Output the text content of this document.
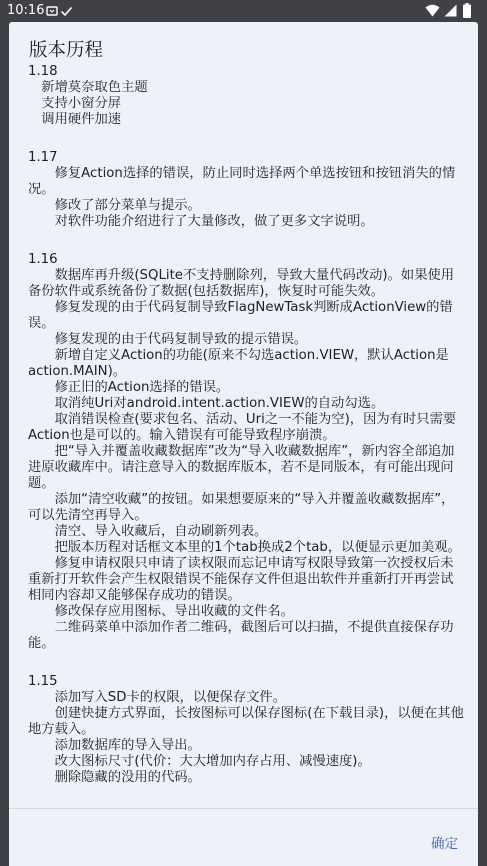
10:16
版本历程
1.18
新增莫奈取色主题
支持小窗分屏
调用硬件加速
1.17
修复Action选择的错误，防止同时选择两个单选按钮和按钮消失的情况。
修改了部分菜单与提示。
对软件功能介绍进行了大量修改，做了更多文字说明。
1.16
数据库再升级(SQLite不支持删除列，导致大量代码改动)。如果使用备份软件或系统备份了数据(包括数据库)，恢复时可能失效。
修复发现的由于代码复制导致FlagNewTask判断成ActionView的错误。
修复发现的由于代码复制导致的提示错误。
新增自定义Action的功能(原来不勾选action.VIEW，默认Action是action.MAIN)。
修正旧的Action选择的错误。
取消纯Uri对android.intent.action.VIEW的自动勾选。
取消错误检查(要求包名、活动、Uri之一不能为空)，因为有时只需要Action也是可以的。输入错误有可能导致程序崩溃。
把“导入并覆盖收藏数据库”改为“导入收藏数据库”，新内容全部追加进原收藏库中。请注意导入的数据库版本，若不是同版本，有可能出现问题。
添加“清空收藏”的按钮。如果想要原来的“导入并覆盖收藏数据库”，可以先清空再导入。
清空、导入收藏后，自动刷新列表。
把版本历程对话框文本里的1个tab换成2个tab，以便显示更加美观。
修复申请权限只申请了读权限而忘记申请写权限导致第一次授权后未重新打开软件会产生权限错误不能保存文件但退出软件并重新打开再尝试相同内容却又能够保存成功的错误。
修改保存应用图标、导出收藏的文件名。
二维码菜单中添加作者二维码，截图后可以扫描，不提供直接保存功能。
1.15
添加写入SD卡的权限，以便保存文件。
创建快捷方式界面，长按图标可以保存图标(在下载目录)，以便在其他地方载入。
添加数据库的导入导出。
改大图标尺寸(代价：大大增加内存占用、减慢速度)。
删除隐藏的没用的代码。
确定
